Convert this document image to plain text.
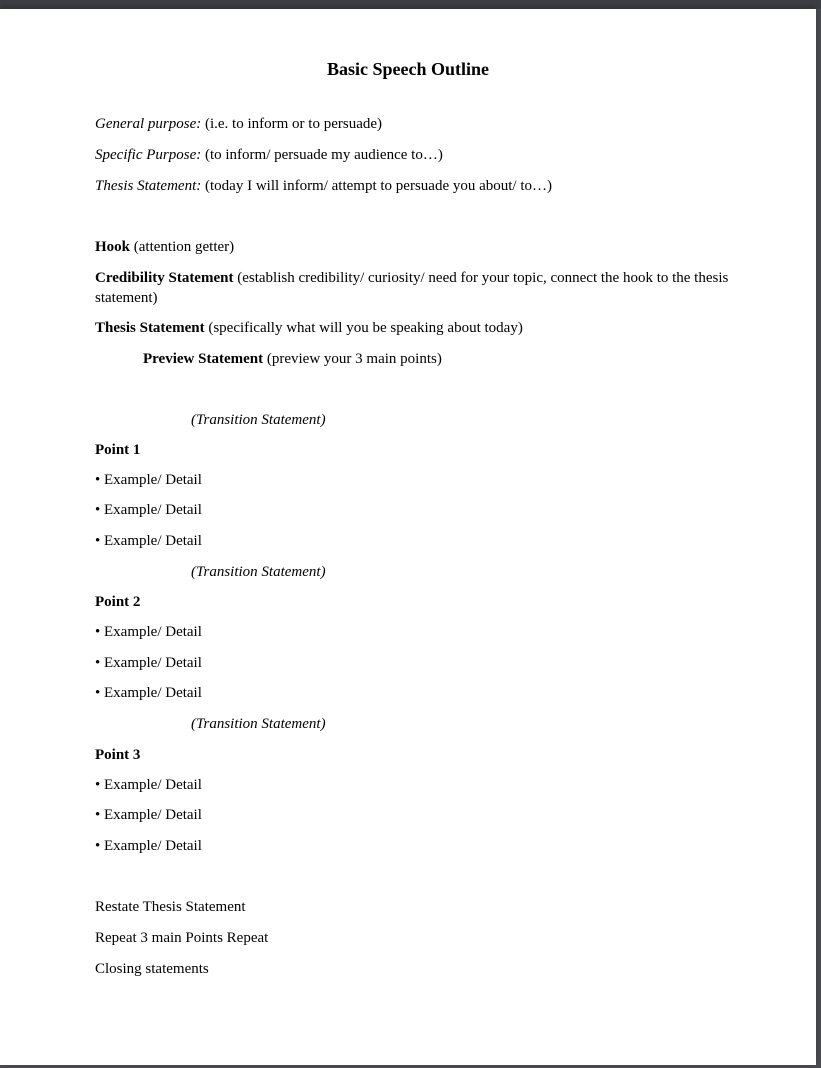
Basic Speech Outline
General purpose: (i.e. to inform or to persuade)
Specific Purpose: (to inform/ persuade my audience to…)
Thesis Statement: (today I will inform/ attempt to persuade you about/ to…)
Hook (attention getter)
Credibility Statement (establish credibility/ curiosity/ need for your topic, connect the hook to the thesis statement)
Thesis Statement (specifically what will you be speaking about today)
Preview Statement (preview your 3 main points)
(Transition Statement)
Point 1
• Example/ Detail
• Example/ Detail
• Example/ Detail
(Transition Statement)
Point 2
• Example/ Detail
• Example/ Detail
• Example/ Detail
(Transition Statement)
Point 3
• Example/ Detail
• Example/ Detail
• Example/ Detail
Restate Thesis Statement
Repeat 3 main Points Repeat
Closing statements
